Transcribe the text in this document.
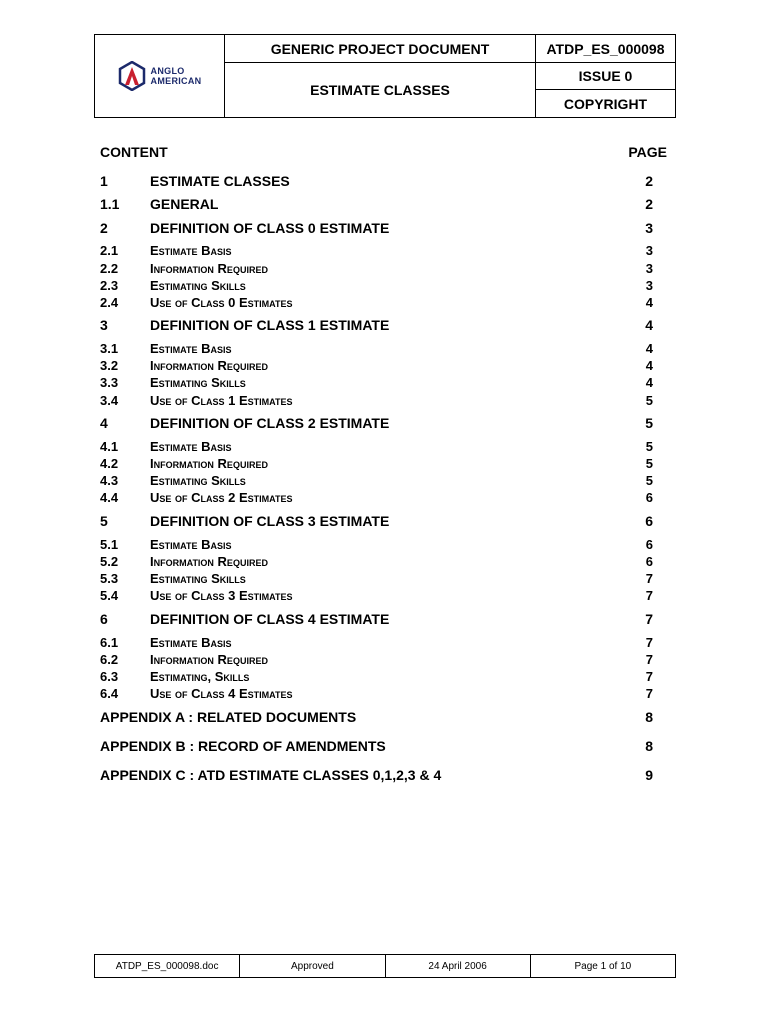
ANGLO
AMERICAN
GENERIC PROJECT DOCUMENT
ESTIMATE CLASSES
ATDP_ES_000098
ISSUE 0
COPYRIGHT
CONTENT	PAGE
1	ESTIMATE CLASSES	2
1.1 GENERAL	2
2	DEFINITION OF CLASS 0 ESTIMATE	3
2.1 Estimate Basis	3
2.2 Information Required	3
2.3 Estimating Skills	3
2.4 Use of Class 0 Estimates	4
3	DEFINITION OF CLASS 1 ESTIMATE	4
3.1 Estimate Basis	4
3.2 Information Required	4
3.3 Estimating Skills	4
3.4 Use of Class 1 Estimates	5
4	DEFINITION OF CLASS 2 ESTIMATE	5
4.1 Estimate Basis	5
4.2 Information Required	5
4.3 Estimating Skills	5
4.4 Use of Class 2 Estimates	6
5	DEFINITION OF CLASS 3 ESTIMATE	6
5.1 Estimate Basis	6
5.2 Information Required	6
5.3 Estimating Skills	7
5.4 Use of Class 3 Estimates	7
6	DEFINITION OF CLASS 4 ESTIMATE	7
6.1 Estimate Basis	7
6.2 Information Required	7
6.3 Estimating, Skills	7
6.4 Use of Class 4 Estimates	7
APPENDIX A : RELATED DOCUMENTS	8
APPENDIX B : RECORD OF AMENDMENTS	8
APPENDIX C : ATD ESTIMATE CLASSES 0,1,2,3 & 4	9
ATDP_ES_000098.doc	Approved	24 April 2006	Page 1 of 10
